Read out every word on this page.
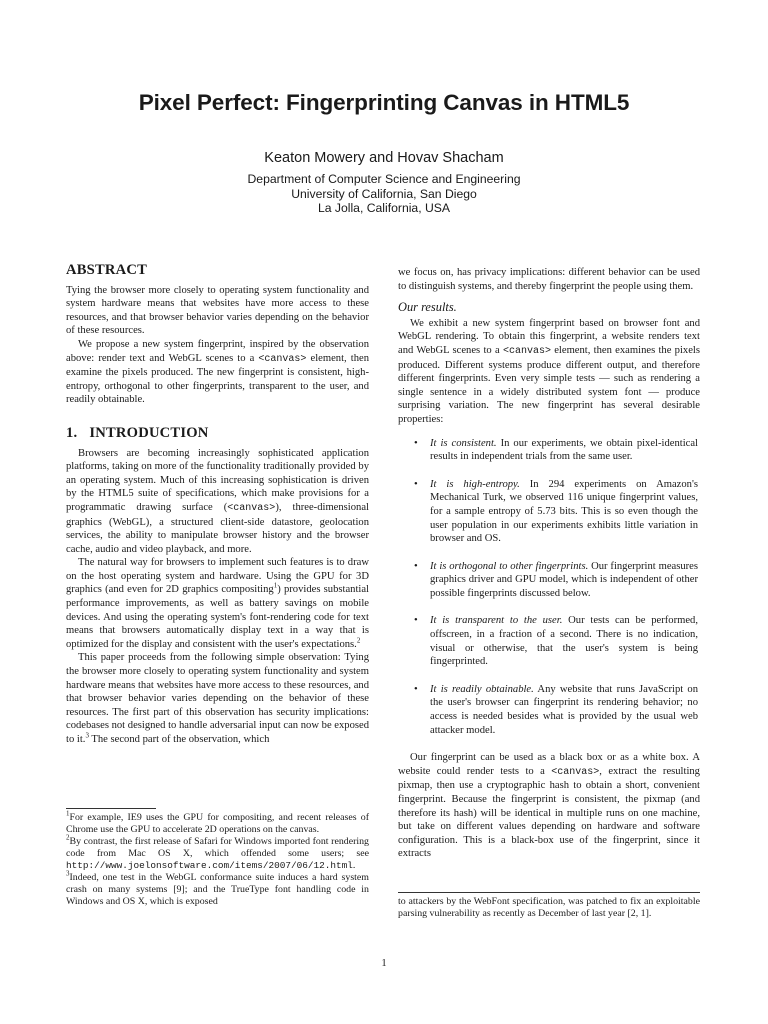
Pixel Perfect: Fingerprinting Canvas in HTML5
Keaton Mowery and Hovav Shacham
Department of Computer Science and Engineering
University of California, San Diego
La Jolla, California, USA
ABSTRACT

Tying the browser more closely to operating system functionality and system hardware means that websites have more access to these resources, and that browser behavior varies depending on the behavior of these resources.

We propose a new system fingerprint, inspired by the observation above: render text and WebGL scenes to a <canvas> element, then examine the pixels produced. The new fingerprint is consistent, high-entropy, orthogonal to other fingerprints, transparent to the user, and readily obtainable.

1. INTRODUCTION

Browsers are becoming increasingly sophisticated application platforms, taking on more of the functionality traditionally provided by an operating system. Much of this increasing sophistication is driven by the HTML5 suite of specifications, which make provisions for a programmatic drawing surface (<canvas>), three-dimensional graphics (WebGL), a structured client-side datastore, geolocation services, the ability to manipulate browser history and the browser cache, audio and video playback, and more.

The natural way for browsers to implement such features is to draw on the host operating system and hardware. Using the GPU for 3D graphics (and even for 2D graphics compositing$^1$) provides substantial performance improvements, as well as battery savings on mobile devices. And using the operating system's font-rendering code for text means that browsers automatically display text in a way that is optimized for the display and consistent with the user's expectations.$^2$

This paper proceeds from the following simple observation: Tying the browser more closely to operating system functionality and system hardware means that websites have more access to these resources, and that browser behavior varies depending on the behavior of these resources. The first part of this observation has security implications: codebases not designed to handle adversarial input can now be exposed to it.$^3$ The second part of the observation, which

$^1$For example, IE9 uses the GPU for compositing, and recent releases of Chrome use the GPU to accelerate 2D operations on the canvas.

$^2$By contrast, the first release of Safari for Windows imported font rendering code from Mac OS X, which offended some users; see http://www.joelonsoftware.com/items/2007/06/12.html.

$^3$Indeed, one test in the WebGL conformance suite induces a hard system crash on many systems [9]; and the TrueType font handling code in Windows and OS X, which is exposed

we focus on, has privacy implications: different behavior can be used to distinguish systems, and thereby fingerprint the people using them.

Our results.

We exhibit a new system fingerprint based on browser font and WebGL rendering. To obtain this fingerprint, a website renders text and WebGL scenes to a <canvas> element, then examines the pixels produced. Different systems produce different output, and therefore different fingerprints. Even very simple tests — such as rendering a single sentence in a widely distributed system font — produce surprising variation. The new fingerprint has several desirable properties:

• It is consistent. In our experiments, we obtain pixel-identical results in independent trials from the same user.
• It is high-entropy. In 294 experiments on Amazon's Mechanical Turk, we observed 116 unique fingerprint values, for a sample entropy of 5.73 bits. This is so even though the user population in our experiments exhibits little variation in browser and OS.
• It is orthogonal to other fingerprints. Our fingerprint measures graphics driver and GPU model, which is independent of other possible fingerprints discussed below.
• It is transparent to the user. Our tests can be performed, offscreen, in a fraction of a second. There is no indication, visual or otherwise, that the user's system is being fingerprinted.
• It is readily obtainable. Any website that runs JavaScript on the user's browser can fingerprint its rendering behavior; no access is needed besides what is provided by the usual web attacker model.

Our fingerprint can be used as a black box or as a white box. A website could render tests to a <canvas>, extract the resulting pixmap, then use a cryptographic hash to obtain a short, convenient fingerprint. Because the fingerprint is consistent, the pixmap (and therefore its hash) will be identical in multiple runs on one machine, but take on different values depending on hardware and software configuration. This is a black-box use of the fingerprint, since it extracts

to attackers by the WebFont specification, was patched to fix an exploitable parsing vulnerability as recently as December of last year [2, 1].

1
